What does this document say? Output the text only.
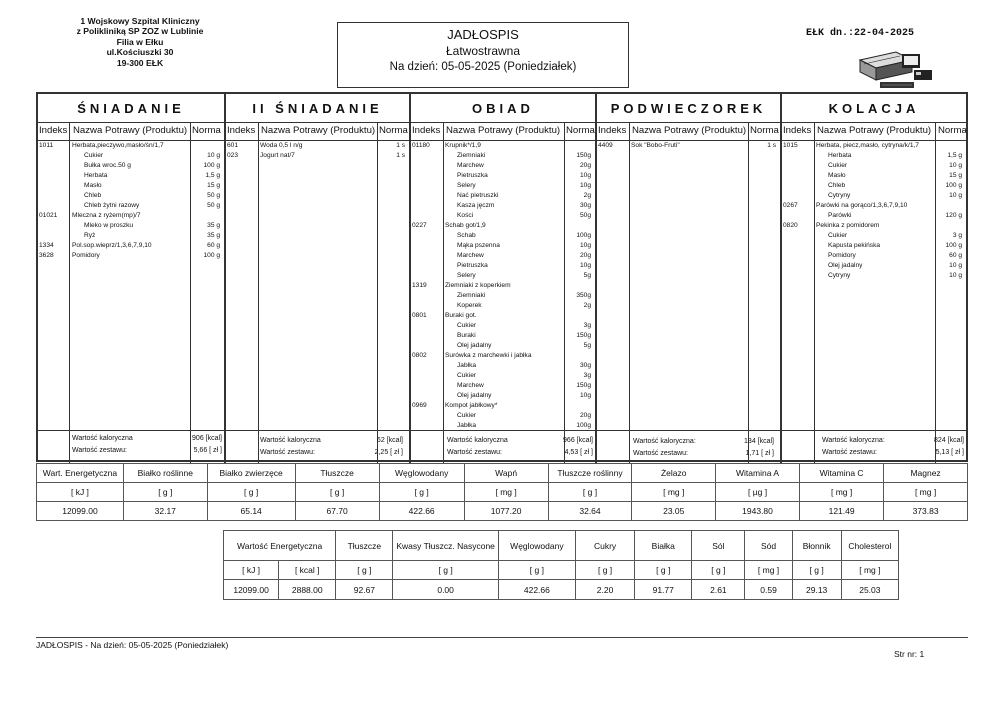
1 Wojskowy Szpital Kliniczny
z Polikliniką SP ZOZ w Lublinie
Filia w Ełku
ul.Kościuszki 30
19-300 EŁK
JADŁOSPIS
Łatwostrawna
Na dzień: 05-05-2025 (Poniedziałek)
EŁK dn.:22-04-2025
ŚNIADANIE
Indeks Nazwa Potrawy (Produktu) Norma
Wartość kaloryczna	906 [kcal]
Wartość zestawu:	5,66 [ zł ]
1011	Herbata,pieczywo,masło/śn/1,7
Cukier	10 g
Bułka wroc.50 g	100 g
Herbata	1,5 g
Masło	15 g
Chleb	50 g
Chleb żytni razowy	50 g
01021 Mleczna z ryżem(mp)/7
Mleko w proszku	35 g
Ryż	35 g
1334	Pol.sop.wieprz/1,3,6,7,9,10	60 g
3628	Pomidory	100 g
II ŚNIADANIE
Indeks Nazwa Potrawy (Produktu) Norma
Wartość kaloryczna	62 [kcal]
Wartość zestawu:	2,25 [ zł ]
601	Woda 0,5 l n/g	1 s
023	Jogurt nat/7	1 s
OBIAD
Indeks Nazwa Potrawy (Produktu) Norma
Wartość kaloryczna	966 [kcal]
Wartość zestawu:	4,53 [ zł ]
01180 Krupnik*/1,9
Ziemniaki	150g
Marchew	20g
Pietruszka	10g
Selery	10g
Nać pietruszki	2g
Kasza jęczm	30g
Kości	50g
0227	Schab got/1,9
Schab	100g
Mąka pszenna	10g
Marchew	20g
Pietruszka	10g
Selery	5g
1319	Ziemniaki z koperkiem
Ziemniaki	350g
Koperek	2g
0801	Buraki got.
Cukier	3g
Buraki	150g
Olej jadalny	5g
0802	Surówka z marchewki i jabłka
Jabłka	30g
Cukier	3g
Marchew	150g
Olej jadalny	10g
0969	Kompot jabłkowy*
Cukier	20g
Jabłka	100g
PODWIECZOREK
Indeks Nazwa Potrawy (Produktu) Norma
Wartość kaloryczna:	134 [kcal]
Wartość zestawu:	1,71 [ zł ]
4409	Sok "Bobo-Fruti"	1 s
KOLACJA
Indeks Nazwa Potrawy (Produktu) Norma
Wartość kaloryczna:	824 [kcal]
Wartość zestawu:	5,13 [ zł ]
1015	Herbata, piecz,masło, cytryna/k/1,7
Herbata	1,5 g
Cukier	10 g
Masło	15 g
Chleb	100 g
Cytryny	10 g
0267	Parówki na gorąco/1,3,6,7,9,10
Parówki	120 g
0820	Pekinka z pomidorem
Cukier	3 g
Kapusta pekińska	100 g
Pomidory	60 g
Olej jadalny	10 g
Cytryny	10 g
Wart. Energetyczna	Białko roślinne	Białko zwierzęce	Tłuszcze	Węglowodany	Wapń	Tłuszcze roślinny	Żelazo	Witamina A	Witamina C	Magnez
[ kJ ]	[ g ]	[ g ]	[ g ]	[ g ]	[ mg ]	[ g ]	[ mg ]	[ µg ]	[ mg ]	[ mg ]
12099.00	32.17	65.14	67.70	422.66	1077.20	32.64	23.05	1943.80	121.49	373.83
Wartość Energetyczna		Tłuszcze	Kwasy Tłuszcz. Nasycone	Węglowodany	Cukry	Białka	Sól	Sód	Błonnik	Cholesterol
[ kJ ]	[ kcal ]	[ g ]	[ g ]	[ g ]	[ g ]	[ g ]	[ g ]	[ mg ]	[ g ]	[ mg ]
12099.00	2888.00	92.67	0.00	422.66	2.20	91.77	2.61	0.59	29.13	25.03
JADŁOSPIS - Na dzień: 05-05-2025 (Poniedziałek)
Str nr: 1
